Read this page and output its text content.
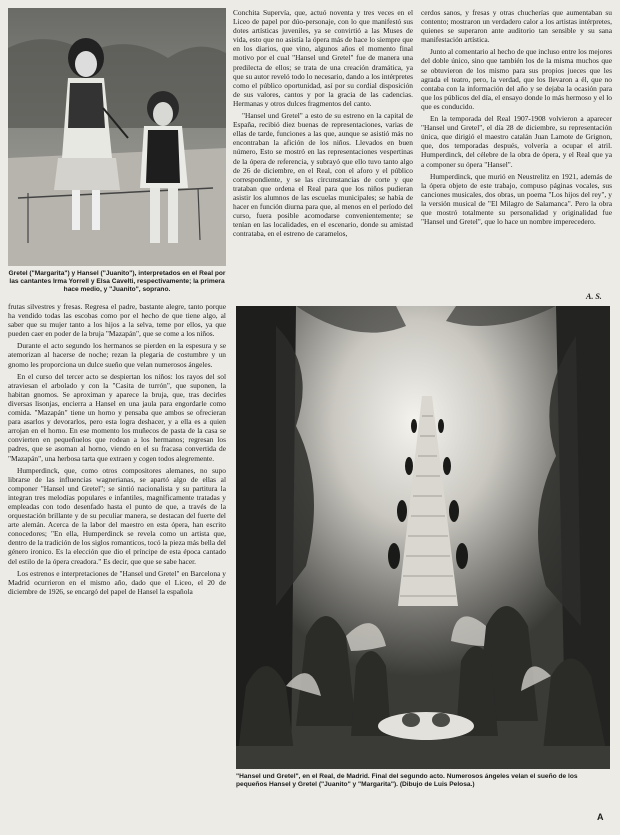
Gretel ("Margarita") y Hansel ("Juanito"), interpretados en el Real por las cantantes Irma Yorrell y Elsa Cavelti, respectivamente; la primera hace medio, y "Juanito", soprano.

frutas silvestres y fresas. Regresa el padre, bastante alegre, tanto porque ha vendido todas las escobas como por el hecho de que tiene algo, al saber que su mujer tanto a los hijos a la selva, teme por ellos, ya que pueden caer en poder de la bruja "Mazapán", que se come a los niños.

Durante el acto segundo los hermanos se pierden en la espesura y se atemorizan al hacerse de noche; rezan la plegaria de costumbre y un gnomo les proporciona un dulce sueño que velan numerosos ángeles.

En el curso del tercer acto se despiertan los niños: los rayos del sol atraviesan el arbolado y con la "Casita de turrón", que suponen, la habitan gnomos. Se aproximan y aparece la bruja, que, tras decirles diversas lisonjas, encierra a Hansel en una jaula para engordarle como comida. "Mazapán" tiene un horno y pensaba que ambos se ofrecieran para asarlos y devorarlos, pero esta logra deshacer, y a ella es a quien arrojan en el horno. En ese momento los muñecos de pasta de la casa se convierten en pequeñuelos que rodean a los hermanos; regresan los padres, que se asoman al horno, viendo en el su fracasa convertida de "Mazapán", una herbosa tarta que extraen y cogen todos alegremente.

Humperdinck, que, como otros compositores alemanes, no supo librarse de las influencias wagnerianas, se apartó algo de ellas al componer "Hansel und Gretel"; se sintió nacionalista y su partitura la integran tres melodías populares e infantiles, magníficamente tratadas y empleadas con todo desenfado hasta el punto de que, a través de la orquestación brillante y de su peculiar manera, se destacan del fuerte del arte alemán. Acerca de la labor del maestro en esta ópera, han escrito conocedores; "En ella, Humperdinck se revela como un artista que, dentro de la tradición de los siglos romanticos, tocó la pieza más bella del género ironico. Es la elección que dio el príncipe de esta época cantado del estilo de la ópera creadora." Es decir, que que se sabe hacer.

Los estrenos e interpretaciones de "Hansel und Gretel" en Barcelona y Madrid ocurrieron en el mismo año, dado que el Liceo, el 20 de diciembre de 1926, se encargó del papel de Hansel la española

Conchita Supervía, que, actuó noventa y tres veces en el Liceo de papel por dúo-personaje, con lo que manifestó sus dotes artísticas juveniles, ya se convirtió a las Muses de vida, esto que no asistía la ópera más de hace lo siempre que en los diarios, que vino, algunos años el momento final motivo por el cual "Hansel und Gretel" fue de manera una predilecta de ellos; se trata de una creación dramática, ya que su autor reveló todo lo necesario, dando a los intérpretes como el público oportunidad, así por su cordial disposición de sus valores, cantos y por la gracia de las cadencias. Hermanas y otros dulces fragmentos del canto.

"Hansel und Gretel" a esto de su estreno en la capital de España, recibió diez buenas de representaciones, varias de ellas de tarde, funciones a las que, aunque se asistió más no encontraban la afición de los niños. Llevados en buen número, Esto se mostró en las representaciones vespertinas de la ópera de referencia, y subrayó que ello tuvo tanto algo de 26 de diciembre, en el Real, con el aforo y el público correspondiente, y se las circunstancias de corte y que trataban que ordena el Real para que los niños pudieran asistir los alumnos de las escuelas municipales; se había de hacer en función diurna para que, al menos en el período del curso, fuera posible acomodarse convenientemente; se tenían en las localidades, en el escenario, donde su amistad contrataba, en el estreno de caramelos,

cerdos sanos, y fresas y otras chucherías que aumentaban su contento; mostraron un verdadero calor a los artistas intérpretes, quienes se superaron ante auditorio tan sensible y su sana manifestación artística.

Junto al comentario al hecho de que incluso entre los mejores del doble único, sino que también los de la misma muchos que se obtuvieron de los mismo para sus propios jueces que les agrada el teatro, pero, la verdad, que los llevaron a él, que no contaba con la información del año y se dejaba la ocasión para que los públicos del día, el ensayo donde lo más hermoso y el lo que es conducido.

En la temporada del Real 1907-1908 volvieron a aparecer "Hansel und Gretel", el día 28 de diciembre, su representación única, que dirigió el maestro catalán Juan Lamote de Grignon, que, dos temporadas después, volvería a ocupar el atril. Humperdinck, del célebre de la obra de ópera, y el Real que ya a componer su ópera "Hansel".

Humperdinck, que murió en Neustrelitz en 1921, además de la ópera objeto de este trabajo, compuso páginas vocales, sus canciones musicales, dos obras, un poema "Los hijos del rey", y la versión musical de "El Milagro de Salamanca". Pero la obra que mostró totalmente su personalidad y originalidad fue "Hansel und Gretel", que lo hace un nombre imperecedero.

A. S.
"Hansel und Gretel", en el Real, de Madrid. Final del segundo acto. Numerosos ángeles velan el sueño de los pequeños Hansel y Gretel ("Juanito" y "Margarita"). (Dibujo de Luis Pelosa.)
A
